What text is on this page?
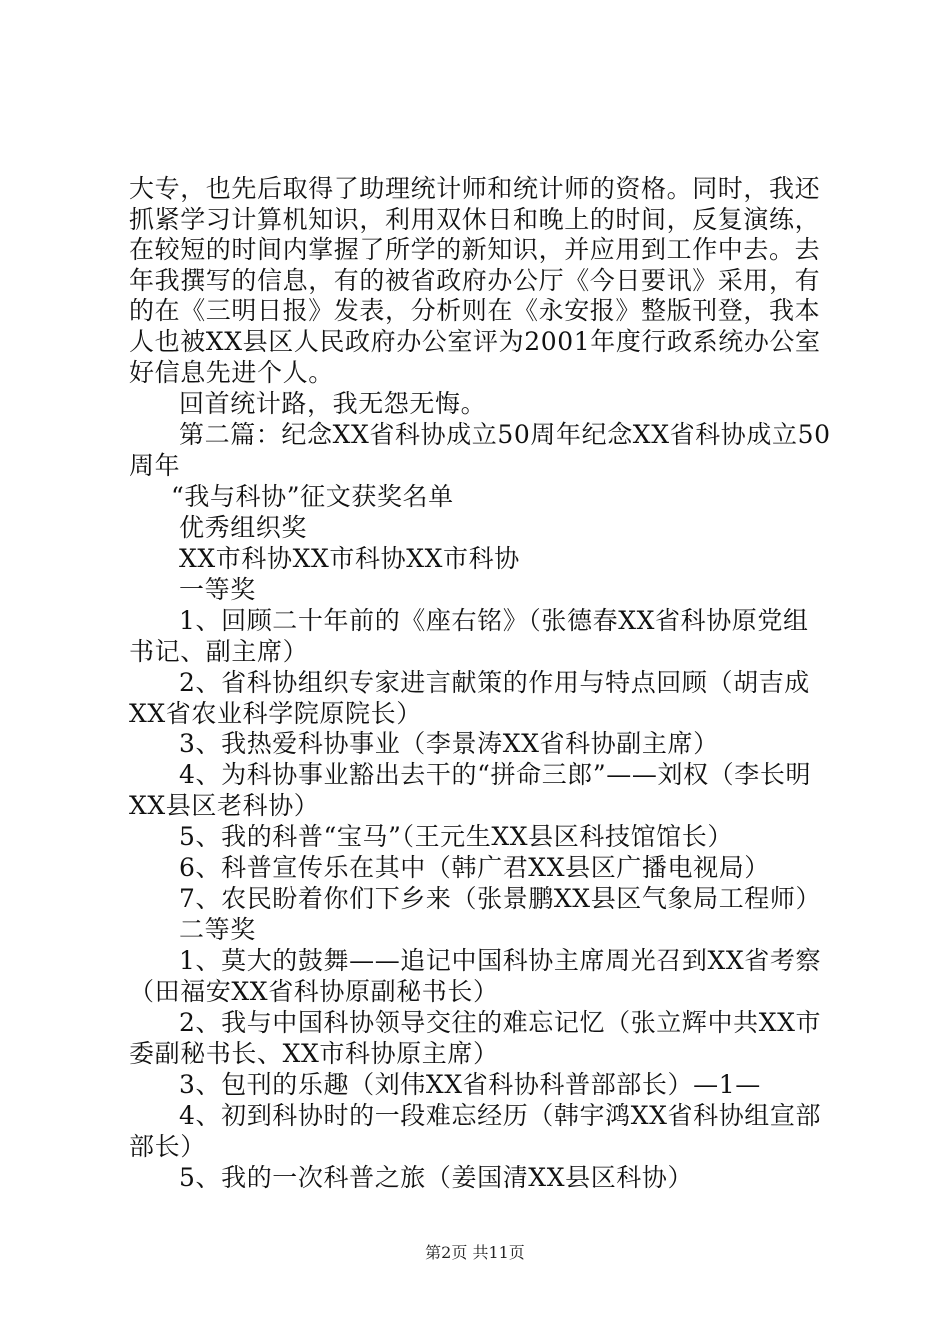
大专，也先后取得了助理统计师和统计师的资格。同时，我还
抓紧学习计算机知识，利用双休日和晚上的时间，反复演练，
在较短的时间内掌握了所学的新知识，并应用到工作中去。去
年我撰写的信息，有的被省政府办公厅《今日要讯》采用，有
的在《三明日报》发表，分析则在《永安报》整版刊登，我本
人也被XX县区人民政府办公室评为2001年度行政系统办公室
好信息先进个人。
回首统计路，我无怨无悔。
第二篇：纪念XX省科协成立50周年纪念XX省科协成立50
周年
“我与科协”征文获奖名单
优秀组织奖
XX市科协XX市科协XX市科协
一等奖
1、回顾二十年前的《座右铭》（张德春XX省科协原党组
书记、副主席）
2、省科协组织专家进言献策的作用与特点回顾（胡吉成
XX省农业科学院原院长）
3、我热爱科协事业（李景涛XX省科协副主席）
4、为科协事业豁出去干的“拼命三郎”——刘权（李长明
XX县区老科协）
5、我的科普“宝马”（王元生XX县区科技馆馆长）
6、科普宣传乐在其中（韩广君XX县区广播电视局）
7、农民盼着你们下乡来（张景鹏XX县区气象局工程师）
二等奖
1、莫大的鼓舞——追记中国科协主席周光召到XX省考察
（田福安XX省科协原副秘书长）
2、我与中国科协领导交往的难忘记忆（张立辉中共XX市
委副秘书长、XX市科协原主席）
3、包刊的乐趣（刘伟XX省科协科普部部长）—1—
4、初到科协时的一段难忘经历（韩宇鸿XX省科协组宣部
部长）
5、我的一次科普之旅（姜国清XX县区科协）
第2页 共11页
